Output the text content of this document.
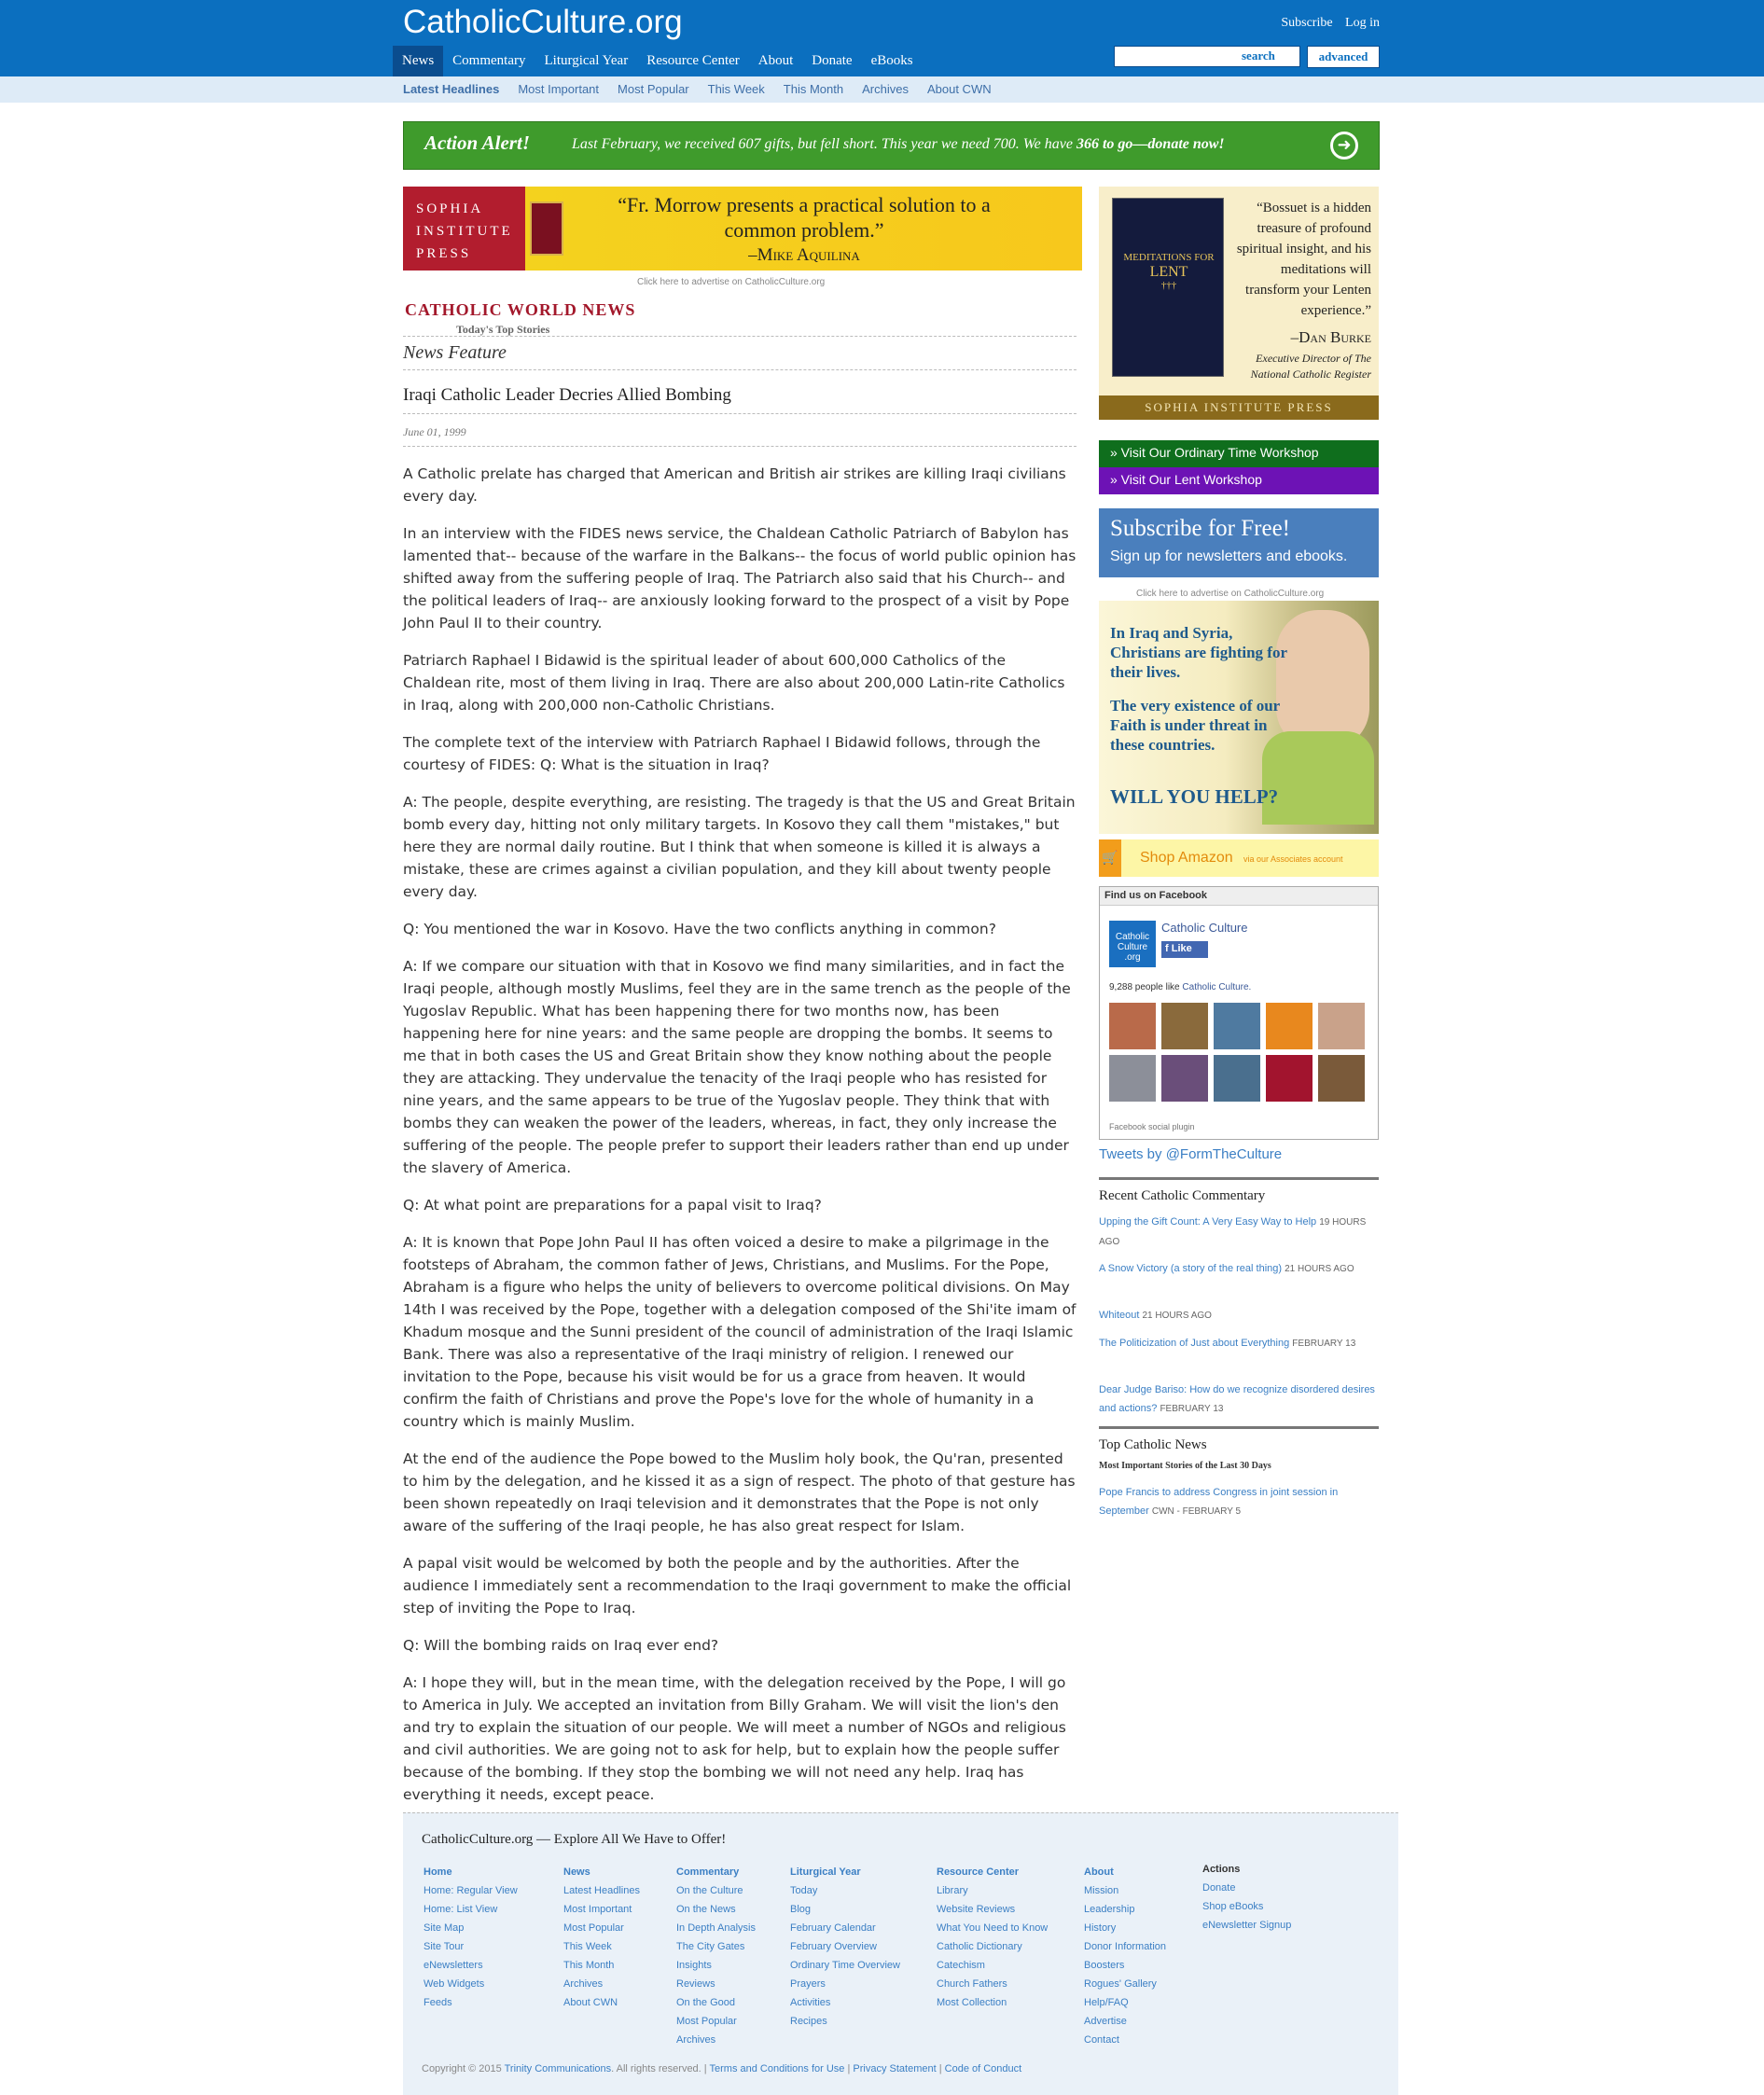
CatholicCulture.org	Subscribe Log in
News	Commentary	Liturgical Year	Resource Center	About	Donate	eBooks	search	advanced
Latest Headlines Most Important Most Popular This Week This Month Archives About CWN
Action Alert!	Last February, we received 607 gifts, but fell short. This year we need 700. We have 366 to go—donate now!	➜
SOPHIA
INSTITUTE
PRESS
“Fr. Morrow presents a practical solution to a common problem.”
–Mike Aquilina
Click here to advertise on CatholicCulture.org
CATHOLIC WORLD NEWS
Today's Top Stories
News Feature
Iraqi Catholic Leader Decries Allied Bombing
June 01, 1999

A Catholic prelate has charged that American and British air strikes are killing Iraqi civilians every day.

In an interview with the FIDES news service, the Chaldean Catholic Patriarch of Babylon has lamented that-- because of the warfare in the Balkans-- the focus of world public opinion has shifted away from the suffering people of Iraq. The Patriarch also said that his Church-- and the political leaders of Iraq-- are anxiously looking forward to the prospect of a visit by Pope John Paul II to their country.

Patriarch Raphael I Bidawid is the spiritual leader of about 600,000 Catholics of the Chaldean rite, most of them living in Iraq. There are also about 200,000 Latin-rite Catholics in Iraq, along with 200,000 non-Catholic Christians.

The complete text of the interview with Patriarch Raphael I Bidawid follows, through the courtesy of FIDES: Q: What is the situation in Iraq?

A: The people, despite everything, are resisting. The tragedy is that the US and Great Britain bomb every day, hitting not only military targets. In Kosovo they call them "mistakes," but here they are normal daily routine. But I think that when someone is killed it is always a mistake, these are crimes against a civilian population, and they kill about twenty people every day.

Q: You mentioned the war in Kosovo. Have the two conflicts anything in common?

A: If we compare our situation with that in Kosovo we find many similarities, and in fact the Iraqi people, although mostly Muslims, feel they are in the same trench as the people of the Yugoslav Republic. What has been happening there for two months now, has been happening here for nine years: and the same people are dropping the bombs. It seems to me that in both cases the US and Great Britain show they know nothing about the people they are attacking. They undervalue the tenacity of the Iraqi people who has resisted for nine years, and the same appears to be true of the Yugoslav people. They think that with bombs they can weaken the power of the leaders, whereas, in fact, they only increase the suffering of the people. The people prefer to support their leaders rather than end up under the slavery of America.

Q: At what point are preparations for a papal visit to Iraq?

A: It is known that Pope John Paul II has often voiced a desire to make a pilgrimage in the footsteps of Abraham, the common father of Jews, Christians, and Muslims. For the Pope, Abraham is a figure who helps the unity of believers to overcome political divisions. On May 14th I was received by the Pope, together with a delegation composed of the Shi'ite imam of Khadum mosque and the Sunni president of the council of administration of the Iraqi Islamic Bank. There was also a representative of the Iraqi ministry of religion. I renewed our invitation to the Pope, because his visit would be for us a grace from heaven. It would confirm the faith of Christians and prove the Pope's love for the whole of humanity in a country which is mainly Muslim.

At the end of the audience the Pope bowed to the Muslim holy book, the Qu'ran, presented to him by the delegation, and he kissed it as a sign of respect. The photo of that gesture has been shown repeatedly on Iraqi television and it demonstrates that the Pope is not only aware of the suffering of the Iraqi people, he has also great respect for Islam.

A papal visit would be welcomed by both the people and by the authorities. After the audience I immediately sent a recommendation to the Iraqi government to make the official step of inviting the Pope to Iraq.

Q: Will the bombing raids on Iraq ever end?

A: I hope they will, but in the mean time, with the delegation received by the Pope, I will go to America in July. We accepted an invitation from Billy Graham. We will visit the lion's den and try to explain the situation of our people. We will meet a number of NGOs and religious and civil authorities. We are going not to ask for help, but to explain how the people suffer because of the bombing. If they stop the bombing we will not need any help. Iraq has everything it needs, except peace.

MEDITATIONS FOR
LENT
†††
“Bossuet is a hidden treasure of profound spiritual insight, and his meditations will transform your Lenten experience.”
–Dan Burke
Executive Director of The National Catholic Register
SOPHIA INSTITUTE PRESS
» Visit Our Ordinary Time Workshop
» Visit Our Lent Workshop
Subscribe for Free!
Sign up for newsletters and ebooks.
Click here to advertise on CatholicCulture.org
In Iraq and Syria, Christians are fighting for their lives.
The very existence of our Faith is under threat in these countries.
WILL YOU HELP?
🛒 Shop Amazon via our Associates account
Find us on Facebook
Catholic Culture .org
Catholic Culture
f Like
9,288 people like Catholic Culture.
Facebook social plugin
Tweets by @FormTheCulture
Recent Catholic Commentary
Upping the Gift Count: A Very Easy Way to Help 19 HOURS AGO
A Snow Victory (a story of the real thing) 21 HOURS AGO
Whiteout 21 HOURS AGO
The Politicization of Just about Everything FEBRUARY 13
Dear Judge Bariso: How do we recognize disordered desires and actions? FEBRUARY 13
Top Catholic News
Most Important Stories of the Last 30 Days
Pope Francis to address Congress in joint session in September CWN - FEBRUARY 5
CatholicCulture.org — Explore All We Have to Offer!
Home
Home: Regular View
Home: List View
Site Map
Site Tour
eNewsletters
Web Widgets
Feeds
News
Latest Headlines
Most Important
Most Popular
This Week
This Month
Archives
About CWN
Commentary
On the Culture
On the News
In Depth Analysis
The City Gates
Insights
Reviews
On the Good
Most Popular
Archives
Liturgical Year
Today
Blog
February Calendar
February Overview
Ordinary Time Overview
Prayers
Activities
Recipes
Resource Center
Library
Website Reviews
What You Need to Know
Catholic Dictionary
Catechism
Church Fathers
Most Collection
About
Mission
Leadership
History
Donor Information
Boosters
Rogues' Gallery
Help/FAQ
Advertise
Contact
Actions
Donate
Shop eBooks
eNewsletter Signup
Copyright © 2015 Trinity Communications. All rights reserved. | Terms and Conditions for Use | Privacy Statement | Code of Conduct
